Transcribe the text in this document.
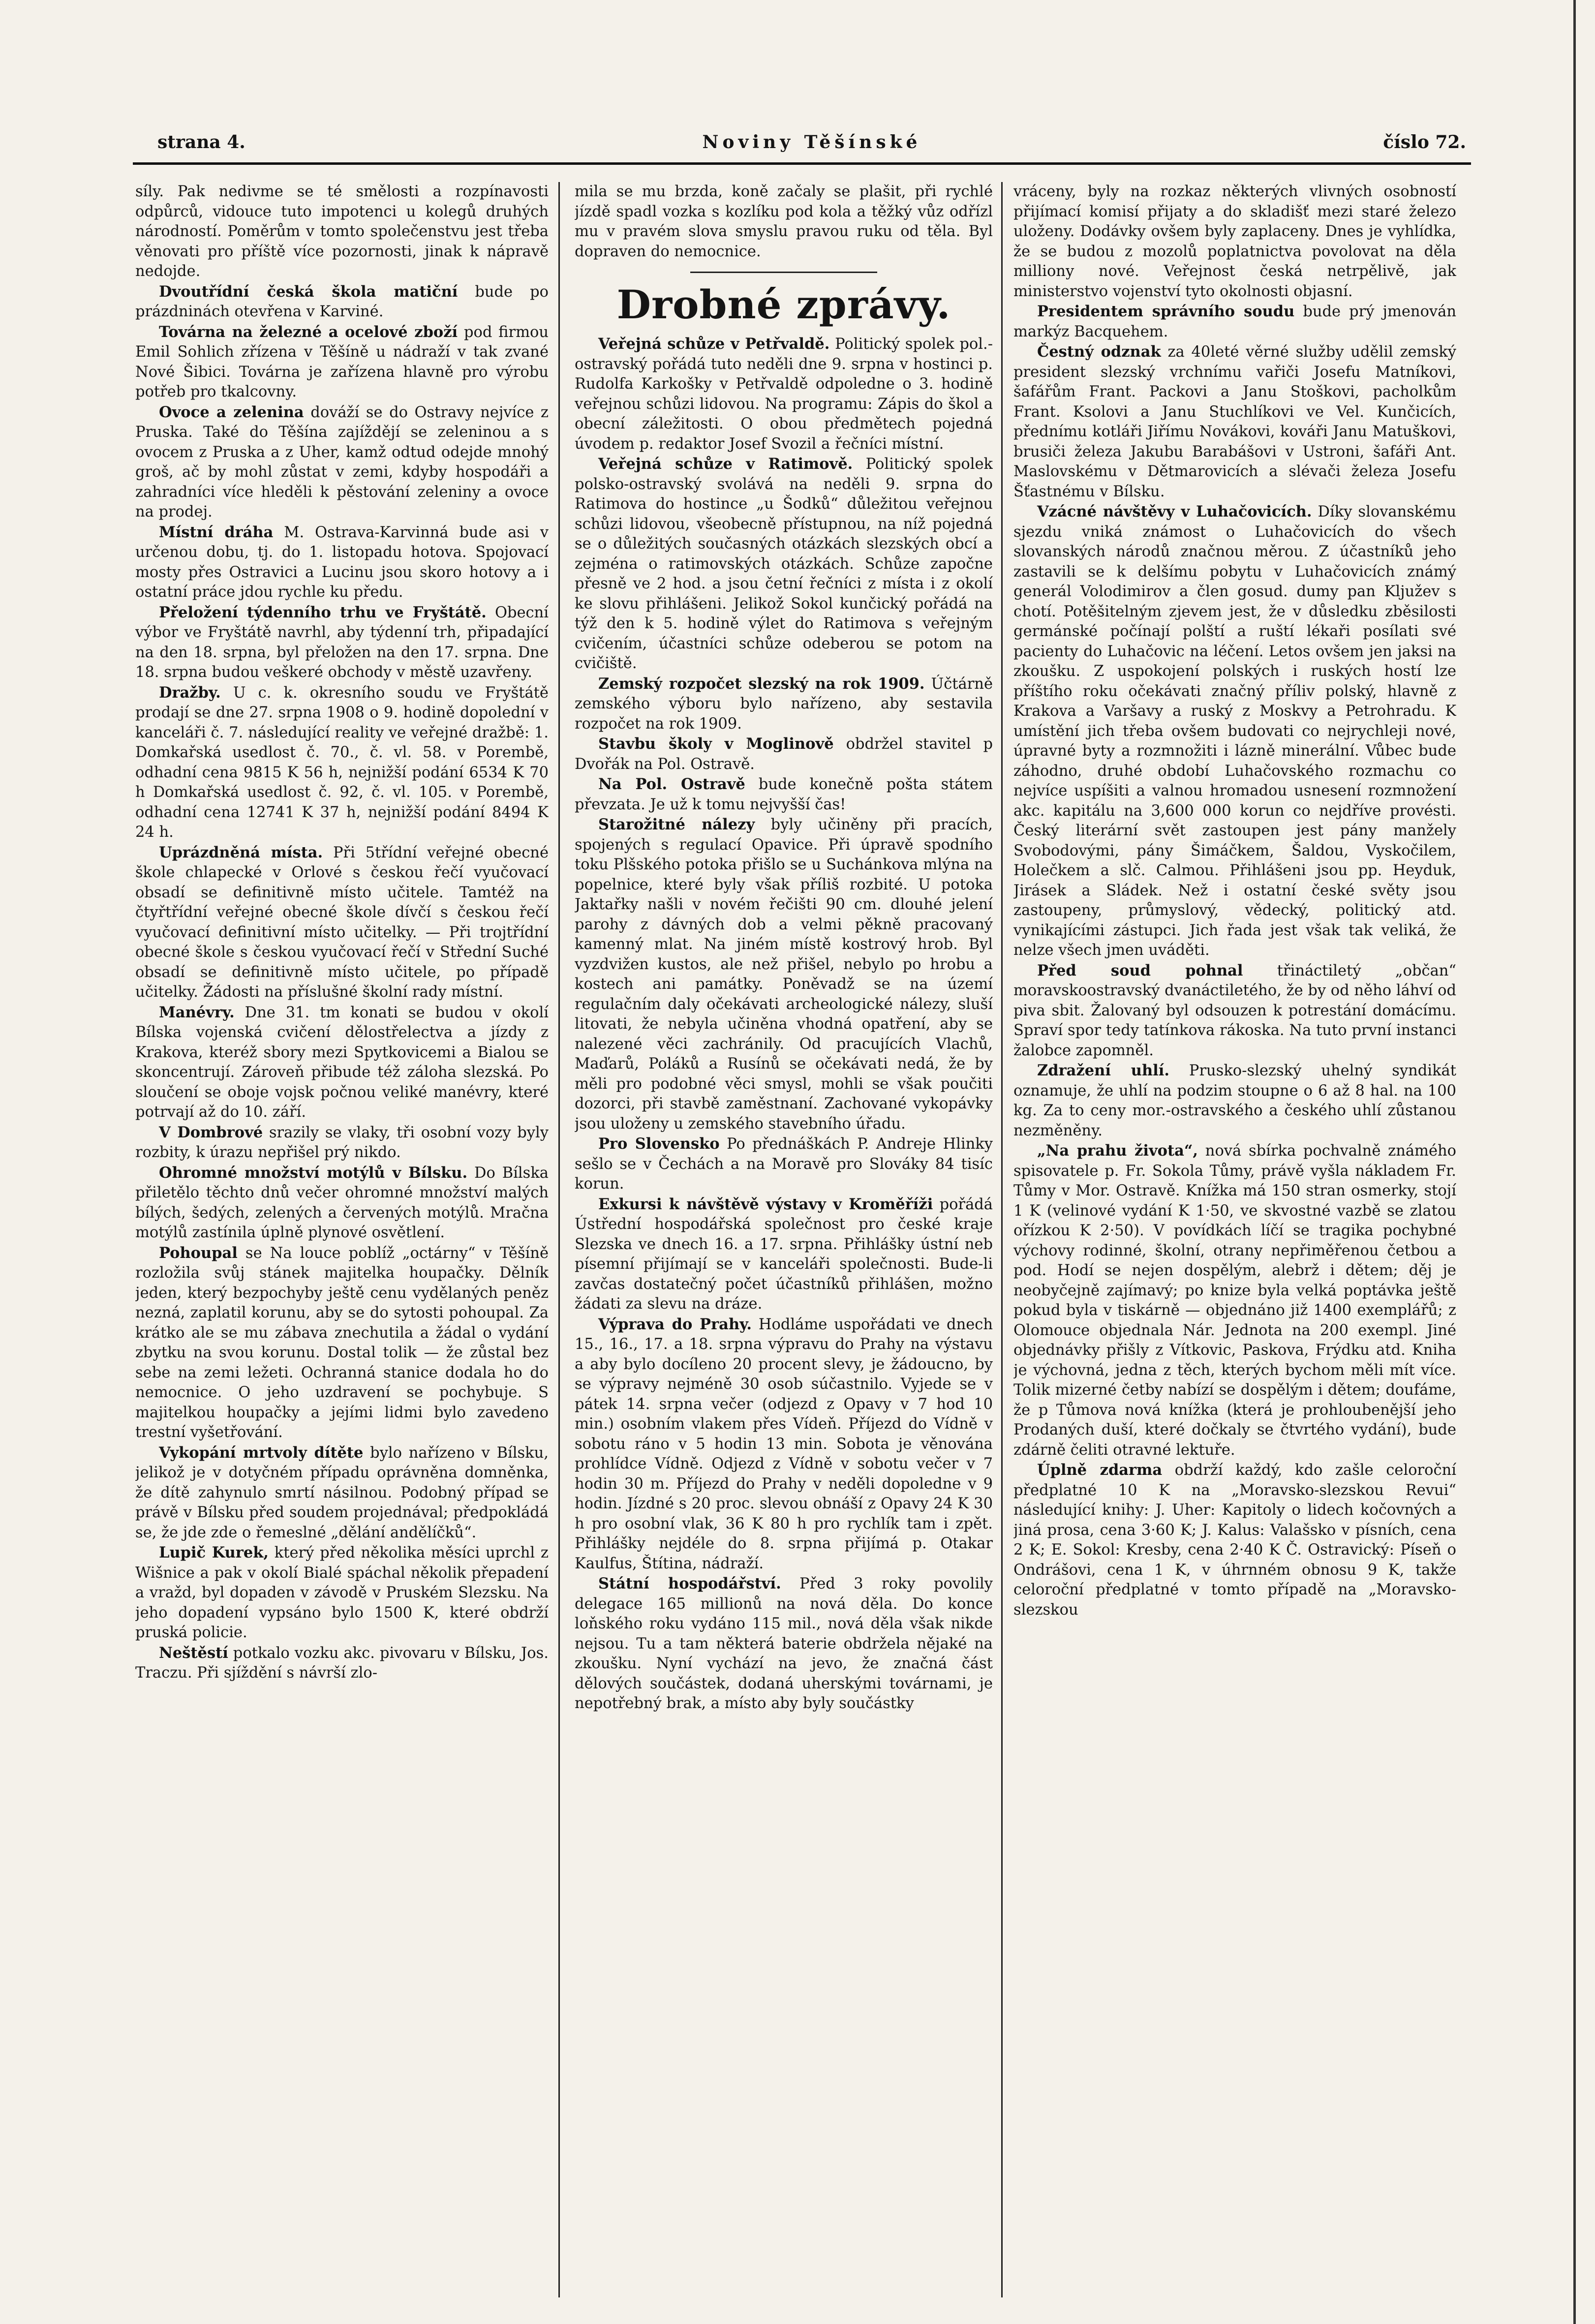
strana 4.	Noviny Těšínské	číslo 72.

síly. Pak nedivme se té smělosti a rozpínavosti odpůrců, vidouce tuto impotenci u kolegů druhých národností. Poměrům v tomto společenstvu jest třeba věnovati pro příště více pozornosti, jinak k nápravě nedojde.

Dvoutřídní česká škola matiční bude po prázdninách otevřena v Karviné.

Továrna na železné a ocelové zboží pod firmou Emil Sohlich zřízena v Těšíně u nádraží v tak zvané Nové Šibici. Továrna je zařízena hlavně pro výrobu potřeb pro tkalcovny.

Ovoce a zelenina dováží se do Ostravy nejvíce z Pruska. Také do Těšína zajíždějí se zeleninou a s ovocem z Pruska a z Uher, kamž odtud odejde mnohý groš, ač by mohl zůstat v zemi, kdyby hospodáři a zahradníci více hleděli k pěstování zeleniny a ovoce na prodej.

Místní dráha M. Ostrava-Karvinná bude asi v určenou dobu, tj. do 1. listopadu hotova. Spojovací mosty přes Ostravici a Lucinu jsou skoro hotovy a i ostatní práce jdou rychle ku předu.

Přeložení týdenního trhu ve Fryštátě. Obecní výbor ve Fryštátě navrhl, aby týdenní trh, připadající na den 18. srpna, byl přeložen na den 17. srpna. Dne 18. srpna budou veškeré obchody v městě uzavřeny.

Dražby. U c. k. okresního soudu ve Fryštátě prodají se dne 27. srpna 1908 o 9. hodině dopolední v kanceláři č. 7. následující reality ve veřejné dražbě: 1. Domkařská usedlost č. 70., č. vl. 58. v Porembě, odhadní cena 9815 K 56 h, nejnižší podání 6534 K 70 h Domkařská usedlost č. 92, č. vl. 105. v Porembě, odhadní cena 12741 K 37 h, nejnižší podání 8494 K 24 h.

Uprázdněná místa. Při 5třídní veřejné obecné škole chlapecké v Orlové s českou řečí vyučovací obsadí se definitivně místo učitele. Tamtéž na čtyřtřídní veřejné obecné škole dívčí s českou řečí vyučovací definitivní místo učitelky. — Při trojtřídní obecné škole s českou vyučovací řečí v Střední Suché obsadí se definitivně místo učitele, po případě učitelky. Žádosti na příslušné školní rady místní.

Manévry. Dne 31. tm konati se budou v okolí Bílska vojenská cvičení dělostřelectva a jízdy z Krakova, kteréž sbory mezi Spytkovicemi a Bialou se skoncentrují. Zároveň přibude též záloha slezská. Po sloučení se oboje vojsk počnou veliké manévry, které potrvají až do 10. září.

V Dombrové srazily se vlaky, tři osobní vozy byly rozbity, k úrazu nepřišel prý nikdo.

Ohromné množství motýlů v Bílsku. Do Bílska přiletělo těchto dnů večer ohromné množství malých bílých, šedých, zelených a červených motýlů. Mračna motýlů zastínila úplně plynové osvětlení.

Pohoupal se Na louce poblíž „octárny“ v Těšíně rozložila svůj stánek majitelka houpačky. Dělník jeden, který bezpochyby ještě cenu vydělaných peněz nezná, zaplatil korunu, aby se do sytosti pohoupal. Za krátko ale se mu zábava znechutila a žádal o vydání zbytku na svou korunu. Dostal tolik — že zůstal bez sebe na zemi ležeti. Ochranná stanice dodala ho do nemocnice. O jeho uzdravení se pochybuje. S majitelkou houpačky a jejími lidmi bylo zavedeno trestní vyšetřování.

Vykopání mrtvoly dítěte bylo nařízeno v Bílsku, jelikož je v dotyčném případu oprávněna domněnka, že dítě zahynulo smrtí násilnou. Podobný případ se právě v Bílsku před soudem projednával; předpokládá se, že jde zde o řemeslné „dělání andělíčků“.

Lupič Kurek, který před několika měsíci uprchl z Wišnice a pak v okolí Bialé spáchal několik přepadení a vražd, byl dopaden v závodě v Pruském Slezsku. Na jeho dopadení vypsáno bylo 1500 K, které obdrží pruská policie.

Neštěstí potkalo vozku akc. pivovaru v Bílsku, Jos. Traczu. Při sjíždění s návrší zlo-

mila se mu brzda, koně začaly se plašit, při rychlé jízdě spadl vozka s kozlíku pod kola a těžký vůz odřízl mu v pravém slova smyslu pravou ruku od těla. Byl dopraven do nemocnice.

Drobné zprávy.

Veřejná schůze v Petřvaldě. Politický spolek pol.-ostravský pořádá tuto neděli dne 9. srpna v hostinci p. Rudolfa Karkošky v Petřvaldě odpoledne o 3. hodině veřejnou schůzi lidovou. Na programu: Zápis do škol a obecní záležitosti. O obou předmětech pojedná úvodem p. redaktor Josef Svozil a řečníci místní.

Veřejná schůze v Ratimově. Politický spolek polsko-ostravský svolává na neděli 9. srpna do Ratimova do hostince „u Šodků“ důležitou veřejnou schůzi lidovou, všeobecně přístupnou, na níž pojedná se o důležitých současných otázkách slezských obcí a zejména o ratimovských otázkách. Schůze započne přesně ve 2 hod. a jsou četní řečníci z místa i z okolí ke slovu přihlášeni. Jelikož Sokol kunčický pořádá na týž den k 5. hodině výlet do Ratimova s veřejným cvičením, účastníci schůze odeberou se potom na cvičiště.

Zemský rozpočet slezský na rok 1909. Účtárně zemského výboru bylo nařízeno, aby sestavila rozpočet na rok 1909.

Stavbu školy v Moglinově obdržel stavitel p Dvořák na Pol. Ostravě.

Na Pol. Ostravě bude konečně pošta státem převzata. Je už k tomu nejvyšší čas!

Starožitné nálezy byly učiněny při pracích, spojených s regulací Opavice. Při úpravě spodního toku Plšského potoka přišlo se u Suchánkova mlýna na popelnice, které byly však příliš rozbité. U potoka Jaktařky našli v novém řečišti 90 cm. dlouhé jelení parohy z dávných dob a velmi pěkně pracovaný kamenný mlat. Na jiném místě kostrový hrob. Byl vyzdvižen kustos, ale než přišel, nebylo po hrobu a kostech ani památky. Poněvadž se na území regulačním daly očekávati archeologické nálezy, sluší litovati, že nebyla učiněna vhodná opatření, aby se nalezené věci zachránily. Od pracujících Vlachů, Maďarů, Poláků a Rusínů se očekávati nedá, že by měli pro podobné věci smysl, mohli se však poučiti dozorci, při stavbě zaměstnaní. Zachované vykopávky jsou uloženy u zemského stavebního úřadu.

Pro Slovensko Po přednáškách P. Andreje Hlinky sešlo se v Čechách a na Moravě pro Slováky 84 tisíc korun.

Exkursi k návštěvě výstavy v Kroměříži pořádá Ústřední hospodářská společnost pro české kraje Slezska ve dnech 16. a 17. srpna. Přihlášky ústní neb písemní přijímají se v kanceláři společnosti. Bude-li zavčas dostatečný počet účastníků přihlášen, možno žádati za slevu na dráze.

Výprava do Prahy. Hodláme uspořádati ve dnech 15., 16., 17. a 18. srpna výpravu do Prahy na výstavu a aby bylo docíleno 20 procent slevy, je žádoucno, by se výpravy nejméně 30 osob súčastnilo. Vyjede se v pátek 14. srpna večer (odjezd z Opavy v 7 hod 10 min.) osobním vlakem přes Vídeň. Příjezd do Vídně v sobotu ráno v 5 hodin 13 min. Sobota je věnována prohlídce Vídně. Odjezd z Vídně v sobotu večer v 7 hodin 30 m. Příjezd do Prahy v neděli dopoledne v 9 hodin. Jízdné s 20 proc. slevou obnáší z Opavy 24 K 30 h pro osobní vlak, 36 K 80 h pro rychlík tam i zpět. Přihlášky nejdéle do 8. srpna přijímá p. Otakar Kaulfus, Štítina, nádraží.

Státní hospodářství. Před 3 roky povolily delegace 165 millionů na nová děla. Do konce loňského roku vydáno 115 mil., nová děla však nikde nejsou. Tu a tam některá baterie obdržela nějaké na zkoušku. Nyní vychází na jevo, že značná část dělových součástek, dodaná uherskými továrnami, je nepotřebný brak, a místo aby byly součástky

vráceny, byly na rozkaz některých vlivných osobností přijímací komisí přijaty a do skladišť mezi staré železo uloženy. Dodávky ovšem byly zaplaceny. Dnes je vyhlídka, že se budou z mozolů poplatnictva povolovat na děla milliony nové. Veřejnost česká netrpělivě, jak ministerstvo vojenství tyto okolnosti objasní.

Presidentem správního soudu bude prý jmenován markýz Bacquehem.

Čestný odznak za 40leté věrné služby udělil zemský president slezský vrchnímu vařiči Josefu Matníkovi, šafářům Frant. Packovi a Janu Stoškovi, pacholkům Frant. Ksolovi a Janu Stuchlíkovi ve Vel. Kunčicích, přednímu kotláři Jiřímu Novákovi, kováři Janu Matuškovi, brusiči železa Jakubu Barabášovi v Ustroni, šafáři Ant. Maslovskému v Dětmarovicích a slévači železa Josefu Šťastnému v Bílsku.

Vzácné návštěvy v Luhačovicích. Díky slovanskému sjezdu vniká známost o Luhačovicích do všech slovanských národů značnou měrou. Z účastníků jeho zastavili se k delšímu pobytu v Luhačovicích známý generál Volodimirov a člen gosud. dumy pan Kljužev s chotí. Potěšitelným zjevem jest, že v důsledku zběsilosti germánské počínají polští a ruští lékaři posílati své pacienty do Luhačovic na léčení. Letos ovšem jen jaksi na zkoušku. Z uspokojení polských i ruských hostí lze příštího roku očekávati značný příliv polský, hlavně z Krakova a Varšavy a ruský z Moskvy a Petrohradu. K umístění jich třeba ovšem budovati co nejrychleji nové, úpravné byty a rozmnožiti i lázně minerální. Vůbec bude záhodno, druhé období Luhačovského rozmachu co nejvíce uspíšiti a valnou hromadou usnesení rozmnožení akc. kapitálu na 3,600 000 korun co nejdříve provésti. Český literární svět zastoupen jest pány manžely Svobodovými, pány Šimáčkem, Šaldou, Vyskočilem, Holečkem a slč. Calmou. Přihlášeni jsou pp. Heyduk, Jirásek a Sládek. Než i ostatní české světy jsou zastoupeny, průmyslový, vědecký, politický atd. vynikajícími zástupci. Jich řada jest však tak veliká, že nelze všech jmen uváděti.

Před soud pohnal třináctiletý „občan“ moravskoostravský dvanáctiletého, že by od něho láhví od piva sbit. Žalovaný byl odsouzen k potrestání domácímu. Spraví spor tedy tatínkova rákoska. Na tuto první instanci žalobce zapomněl.

Zdražení uhlí. Prusko-slezský uhelný syndikát oznamuje, že uhlí na podzim stoupne o 6 až 8 hal. na 100 kg. Za to ceny mor.-ostravského a českého uhlí zůstanou nezměněny.

„Na prahu života“, nová sbírka pochvalně známého spisovatele p. Fr. Sokola Tůmy, právě vyšla nákladem Fr. Tůmy v Mor. Ostravě. Knížka má 150 stran osmerky, stojí 1 K (velinové vydání K 1·50, ve skvostné vazbě se zlatou ořízkou K 2·50). V povídkách líčí se tragika pochybné výchovy rodinné, školní, otrany nepřiměřenou četbou a pod. Hodí se nejen dospělým, alebrž i dětem; děj je neobyčejně zajímavý; po knize byla velká poptávka ještě pokud byla v tiskárně — objednáno již 1400 exemplářů; z Olomouce objednala Nár. Jednota na 200 exempl. Jiné objednávky přišly z Vítkovic, Paskova, Frýdku atd. Kniha je výchovná, jedna z těch, kterých bychom měli mít více. Tolik mizerné četby nabízí se dospělým i dětem; doufáme, že p Tůmova nová knížka (která je prohloubenější jeho Prodaných duší, které dočkaly se čtvrtého vydání), bude zdárně čeliti otravné lektuře.

Úplně zdarma obdrží každý, kdo zašle celoroční předplatné 10 K na „Moravsko-slezskou Revui“ následující knihy: J. Uher: Kapitoly o lidech kočovných a jiná prosa, cena 3·60 K; J. Kalus: Valašsko v písních, cena 2 K; E. Sokol: Kresby, cena 2·40 K Č. Ostravický: Píseň o Ondrášovi, cena 1 K, v úhrnném obnosu 9 K, takže celoroční předplatné v tomto případě na „Moravsko-slezskou
